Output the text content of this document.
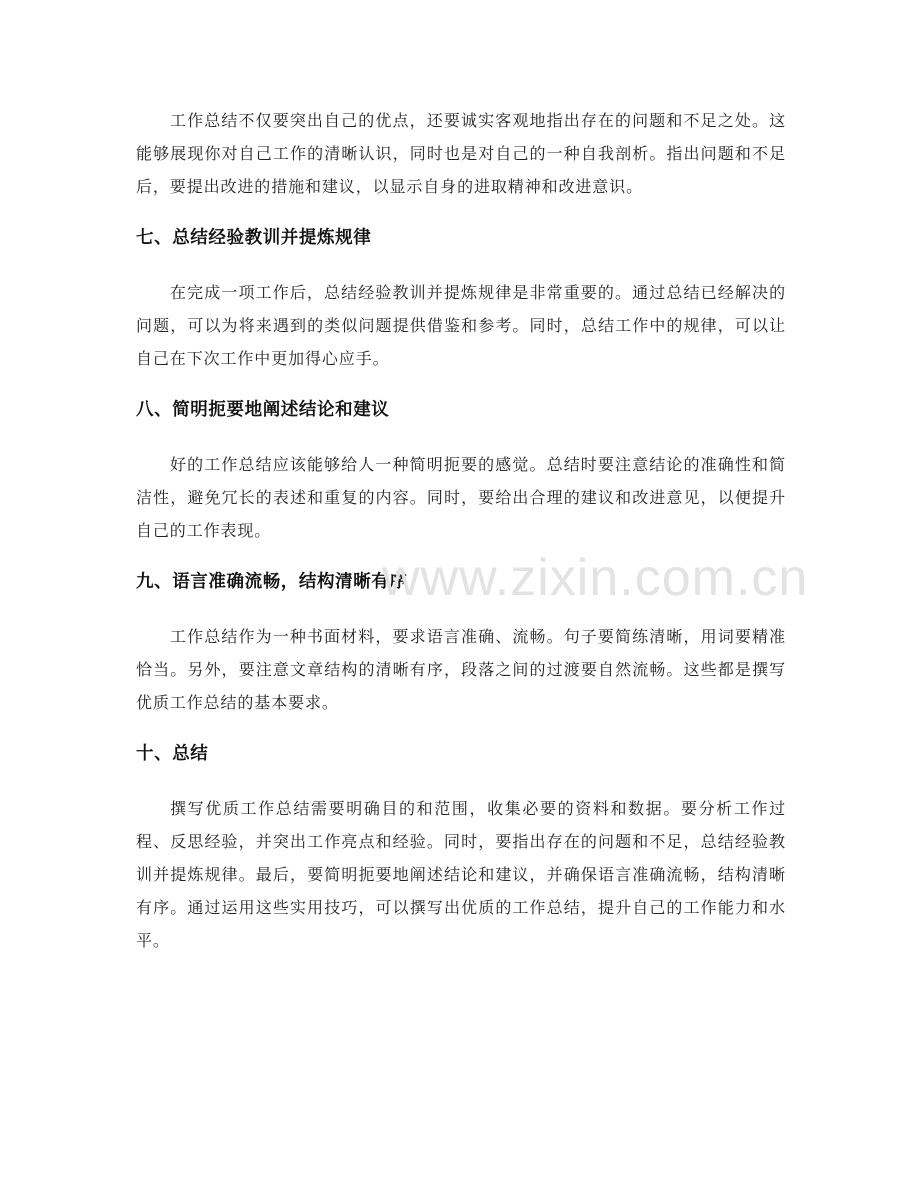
工作总结不仅要突出自己的优点，还要诚实客观地指出存在的问题和不足之处。这能够展现你对自己工作的清晰认识，同时也是对自己的一种自我剖析。指出问题和不足后，要提出改进的措施和建议，以显示自身的进取精神和改进意识。

七、总结经验教训并提炼规律

在完成一项工作后，总结经验教训并提炼规律是非常重要的。通过总结已经解决的问题，可以为将来遇到的类似问题提供借鉴和参考。同时，总结工作中的规律，可以让自己在下次工作中更加得心应手。

八、简明扼要地阐述结论和建议

好的工作总结应该能够给人一种简明扼要的感觉。总结时要注意结论的准确性和简洁性，避免冗长的表述和重复的内容。同时，要给出合理的建议和改进意见，以便提升自己的工作表现。

九、语言准确流畅，结构清晰有序

工作总结作为一种书面材料，要求语言准确、流畅。句子要简练清晰，用词要精准恰当。另外，要注意文章结构的清晰有序，段落之间的过渡要自然流畅。这些都是撰写优质工作总结的基本要求。

十、总结

撰写优质工作总结需要明确目的和范围，收集必要的资料和数据。要分析工作过程、反思经验，并突出工作亮点和经验。同时，要指出存在的问题和不足，总结经验教训并提炼规律。最后，要简明扼要地阐述结论和建议，并确保语言准确流畅，结构清晰有序。通过运用这些实用技巧，可以撰写出优质的工作总结，提升自己的工作能力和水平。

www.zixin.com.cn
